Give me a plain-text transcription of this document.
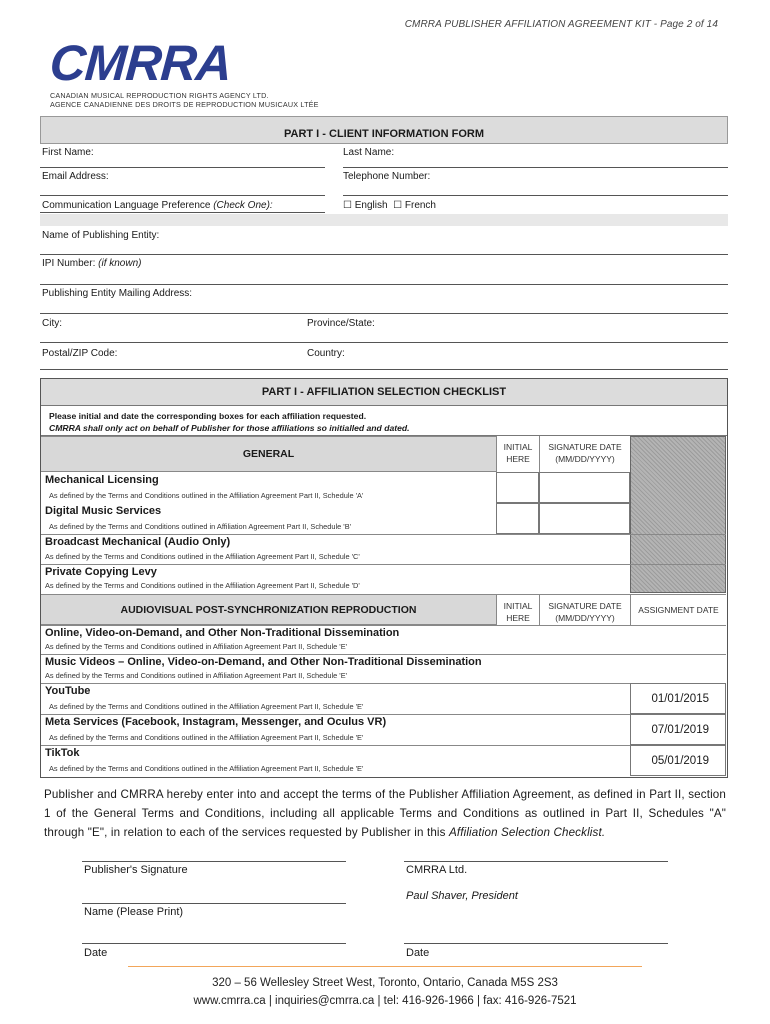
CMRRA PUBLISHER AFFILIATION AGREEMENT KIT - Page 2 of 14
CMRRA
CANADIAN MUSICAL REPRODUCTION RIGHTS AGENCY LTD.
AGENCE CANADIENNE DES DROITS DE REPRODUCTION MUSICAUX LTÉE
PART I - CLIENT INFORMATION FORM
First Name:	Last Name:
Email Address:	Telephone Number:
Communication Language Preference (Check One):	☐ English ☐ French
Name of Publishing Entity:
IPI Number: (if known)
Publishing Entity Mailing Address:
City:	Province/State:
Postal/ZIP Code:	Country:
PART I - AFFILIATION SELECTION CHECKLIST
Please initial and date the corresponding boxes for each affiliation requested.
CMRRA shall only act on behalf of Publisher for those affiliations so initialled and dated.
GENERAL
INITIAL
HERE
SIGNATURE DATE
(MM/DD/YYYY)
Mechanical Licensing
As defined by the Terms and Conditions outlined in the Affiliation Agreement Part II, Schedule 'A'
Digital Music Services
As defined by the Terms and Conditions outlined in Affiliation Agreement Part II, Schedule 'B'
Broadcast Mechanical (Audio Only)
As defined by the Terms and Conditions outlined in the Affiliation Agreement Part II, Schedule 'C'
Private Copying Levy
As defined by the Terms and Conditions outlined in the Affiliation Agreement Part II, Schedule 'D'
AUDIOVISUAL POST-SYNCHRONIZATION REPRODUCTION	INITIAL
HERE
SIGNATURE DATE
(MM/DD/YYYY)
ASSIGNMENT DATE
Online, Video-on-Demand, and Other Non-Traditional Dissemination
As defined by the Terms and Conditions outlined in Affiliation Agreement Part II, Schedule 'E'
Music Videos – Online, Video-on-Demand, and Other Non-Traditional Dissemination
As defined by the Terms and Conditions outlined in Affiliation Agreement Part II, Schedule 'E'
YouTube
As defined by the Terms and Conditions outlined in the Affiliation Agreement Part II, Schedule 'E'
01/01/2015
Meta Services (Facebook, Instagram, Messenger, and Oculus VR)
As defined by the Terms and Conditions outlined in the Affiliation Agreement Part II, Schedule 'E'
07/01/2019
TikTok
As defined by the Terms and Conditions outlined in the Affiliation Agreement Part II, Schedule 'E'
05/01/2019
Publisher and CMRRA hereby enter into and accept the terms of the Publisher Affiliation Agreement, as defined in Part II, section 1 of the General Terms and Conditions, including all applicable Terms and Conditions as outlined in Part II, Schedules "A" through "E", in relation to each of the services requested by Publisher in this Affiliation Selection Checklist.
Publisher's Signature	CMRRA Ltd.
Paul Shaver, President
Name (Please Print)
Date	Date
320 – 56 Wellesley Street West, Toronto, Ontario, Canada M5S 2S3
www.cmrra.ca | inquiries@cmrra.ca | tel: 416-926-1966 | fax: 416-926-7521
